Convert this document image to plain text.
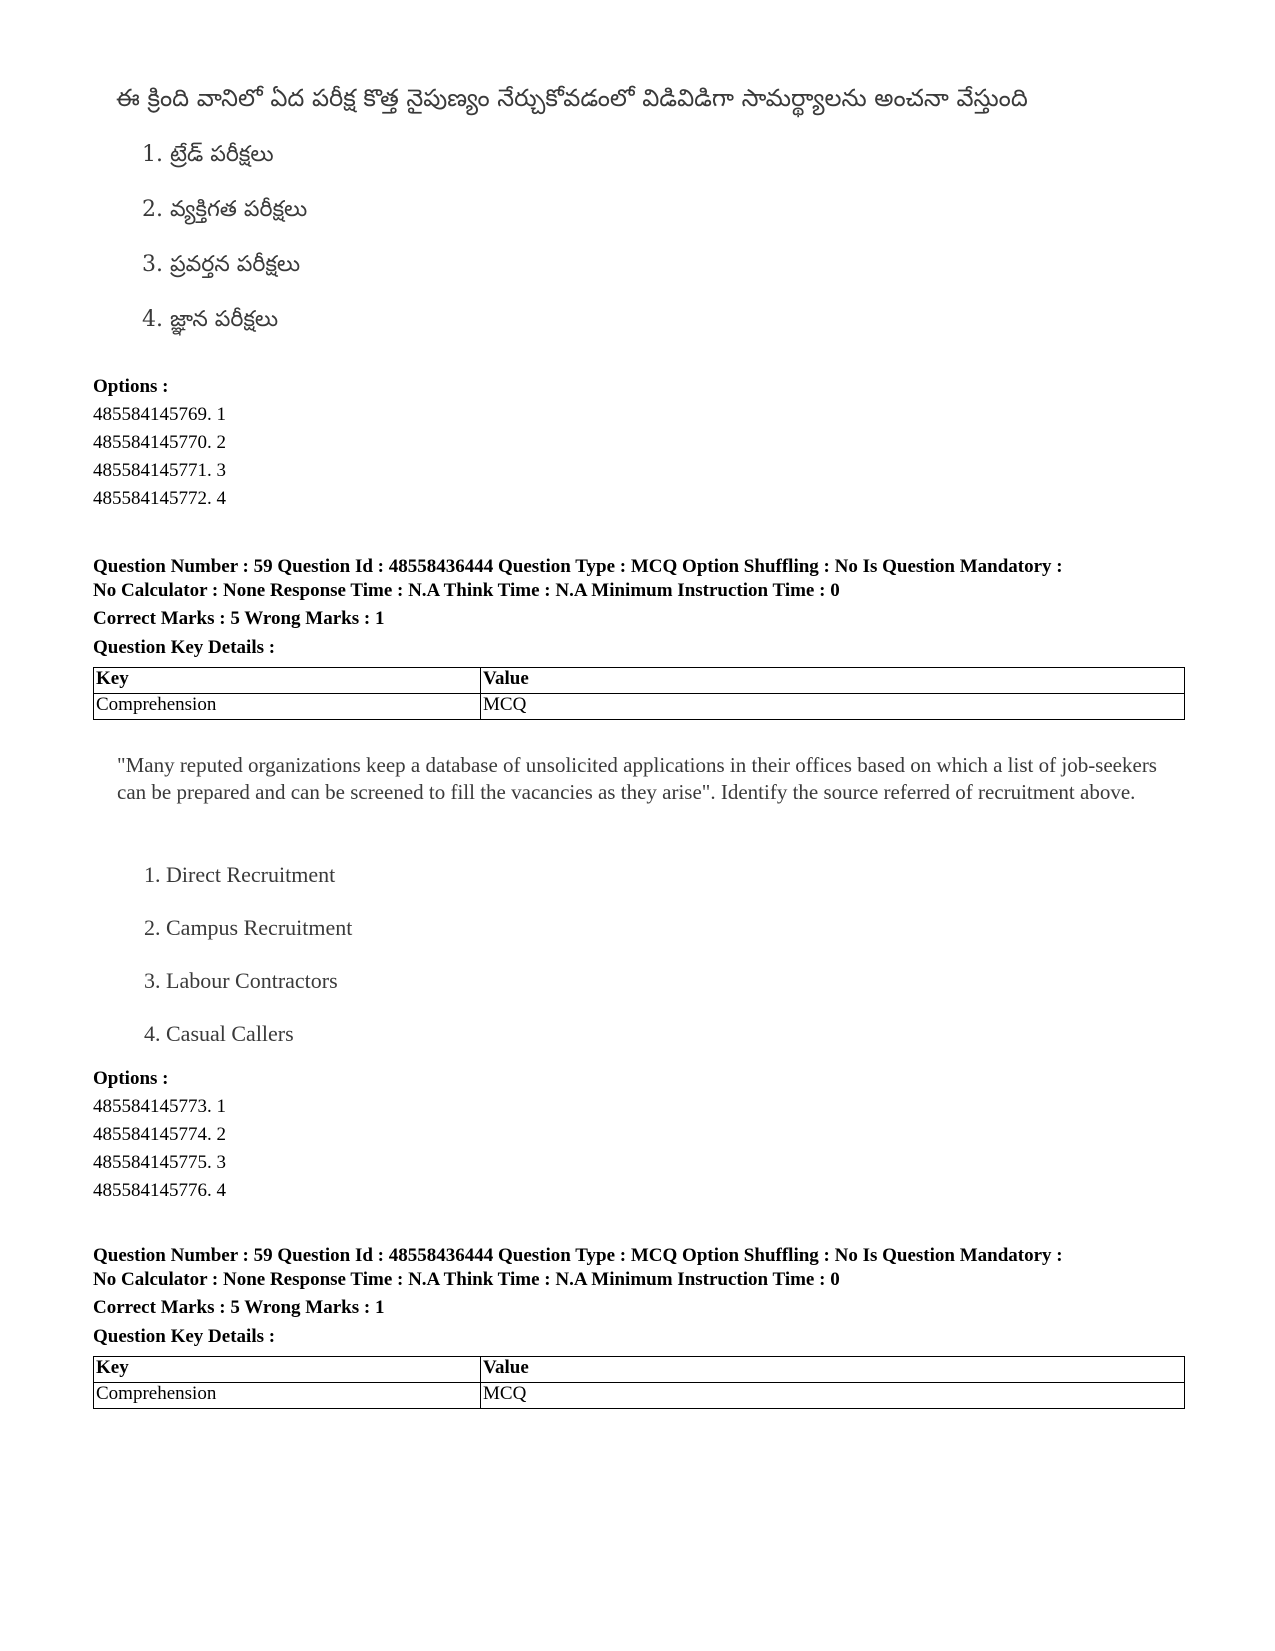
ఈ క్రింది వానిలో ఏద పరీక్ష కొత్త నైపుణ్యం నేర్చుకోవడంలో విడివిడిగా సామర్థ్యాలను అంచనా వేస్తుంది
1. ట్రేడ్ పరీక్షలు
2. వ్యక్తిగత పరీక్షలు
3. ప్రవర్తన పరీక్షలు
4. జ్ఞాన పరీక్షలు
Options :
485584145769. 1
485584145770. 2
485584145771. 3
485584145772. 4
Question Number : 59 Question Id : 48558436444 Question Type : MCQ Option Shuffling : No Is Question Mandatory :
No Calculator : None Response Time : N.A Think Time : N.A Minimum Instruction Time : 0
Correct Marks : 5 Wrong Marks : 1
Question Key Details :
Key	Value
Comprehension	MCQ
"Many reputed organizations keep a database of unsolicited applications in their offices based on which a list of job-seekers can be prepared and can be screened to fill the vacancies as they arise". Identify the source referred of recruitment above.
1. Direct Recruitment
2. Campus Recruitment
3. Labour Contractors
4. Casual Callers
Options :
485584145773. 1
485584145774. 2
485584145775. 3
485584145776. 4
Question Number : 59 Question Id : 48558436444 Question Type : MCQ Option Shuffling : No Is Question Mandatory :
No Calculator : None Response Time : N.A Think Time : N.A Minimum Instruction Time : 0
Correct Marks : 5 Wrong Marks : 1
Question Key Details :
Key	Value
Comprehension	MCQ
